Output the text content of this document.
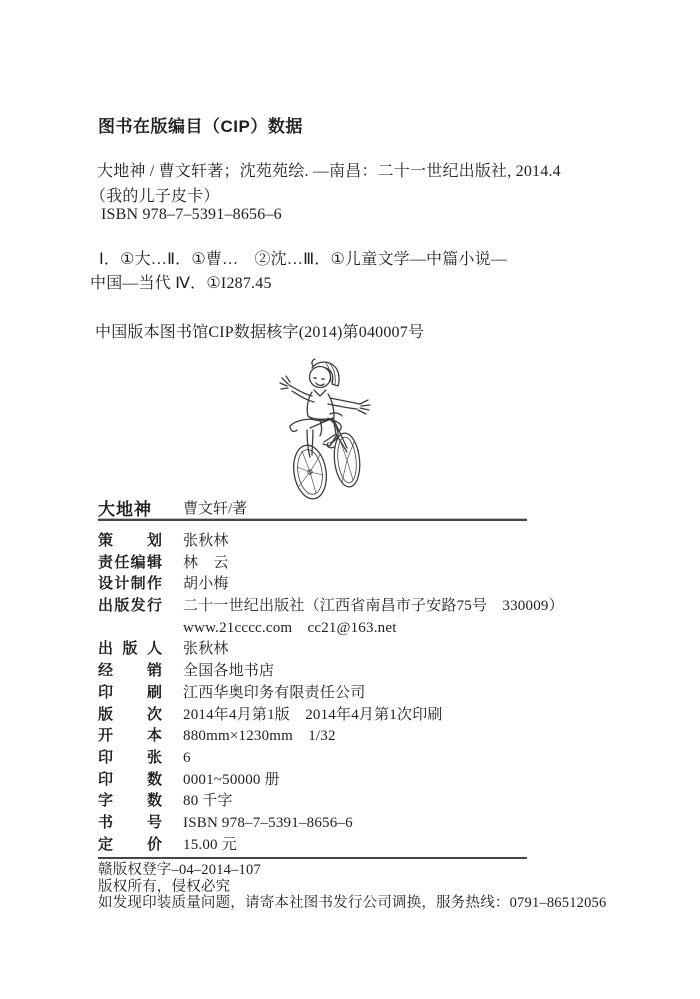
图书在版编目（CIP）数据
大地神 / 曹文轩著；沈苑苑绘. —南昌：二十一世纪出版社, 2014.4
（我的儿子皮卡）
ISBN 978–7–5391–8656–6
Ⅰ．①大…Ⅱ．①曹…　②沈…Ⅲ．①儿童文学—中篇小说—
中国—当代 Ⅳ．①I287.45
中国版本图书馆CIP数据核字(2014)第040007号
大地神 曹文轩/著
策 划 张秋林
责任编辑 林　云
设计制作 胡小梅
出版发行 二十一世纪出版社（江西省南昌市子安路75号　330009）
www.21cccc.com　cc21@163.net
出 版 人 张秋林
经 销 全国各地书店
印 刷 江西华奥印务有限责任公司
版 次 2014年4月第1版　2014年4月第1次印刷
开 本 880mm×1230mm　1/32
印 张 6
印 数 0001~50000 册
字 数 80 千字
书 号 ISBN 978–7–5391–8656–6
定 价 15.00 元
赣版权登字–04–2014–107
版权所有，侵权必究
如发现印装质量问题，请寄本社图书发行公司调换，服务热线：0791–86512056
